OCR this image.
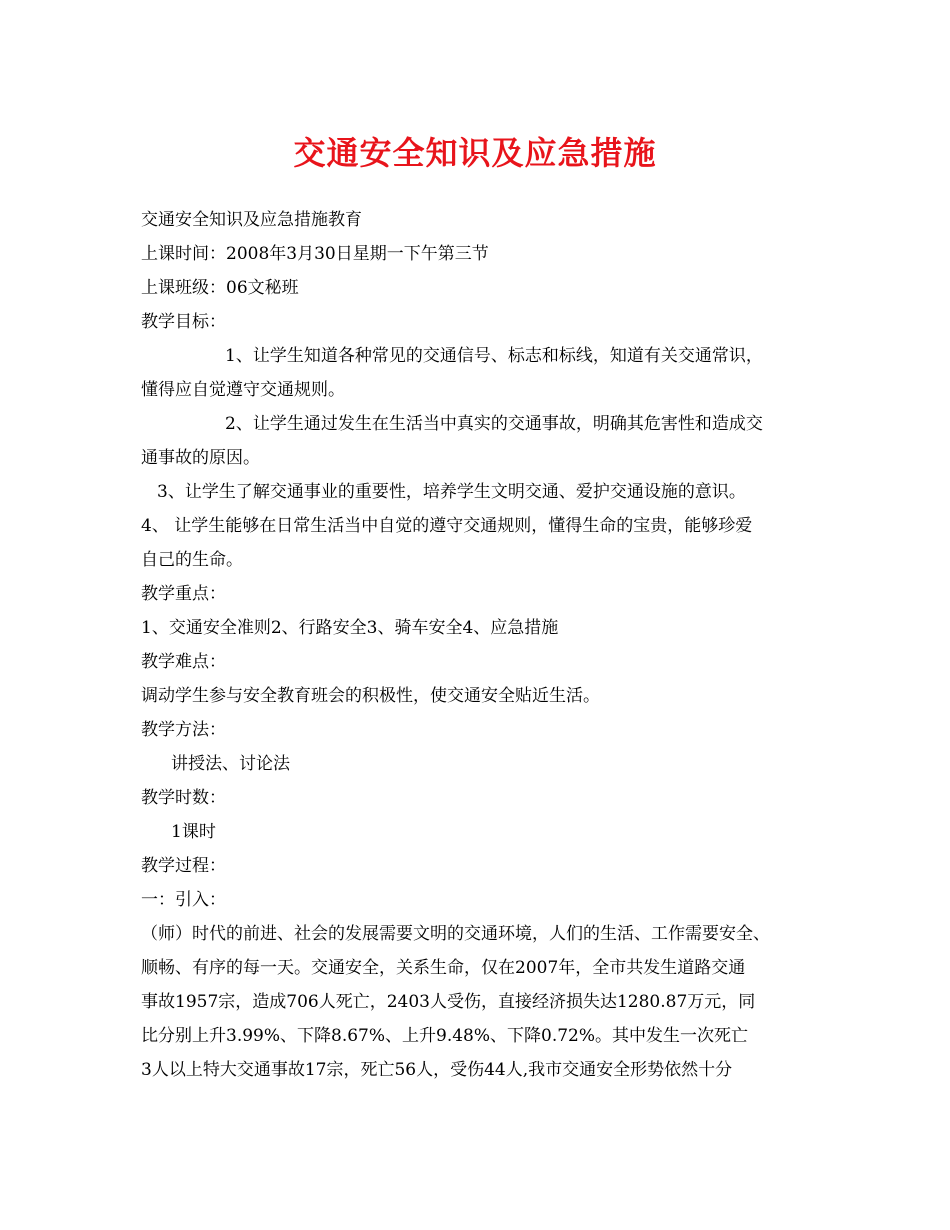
交通安全知识及应急措施
交通安全知识及应急措施教育
上课时间：2008年3月30日星期一下午第三节
上课班级：06文秘班
教学目标：
1、让学生知道各种常见的交通信号、标志和标线，知道有关交通常识，
懂得应自觉遵守交通规则。
2、让学生通过发生在生活当中真实的交通事故，明确其危害性和造成交
通事故的原因。
3、让学生了解交通事业的重要性，培养学生文明交通、爱护交通设施的意识。
4、 让学生能够在日常生活当中自觉的遵守交通规则，懂得生命的宝贵，能够珍爱
自己的生命。
教学重点：
1、交通安全准则2、行路安全3、骑车安全4、应急措施
教学难点：
调动学生参与安全教育班会的积极性，使交通安全贴近生活。
教学方法：
讲授法、讨论法
教学时数：
1课时
教学过程：
一：引入：
（师）时代的前进、社会的发展需要文明的交通环境，人们的生活、工作需要安全、
顺畅、有序的每一天。交通安全，关系生命，仅在2007年，全市共发生道路交通
事故1957宗，造成706人死亡，2403人受伤，直接经济损失达1280.87万元，同
比分别上升3.99%、下降8.67%、上升9.48%、下降0.72%。其中发生一次死亡
3人以上特大交通事故17宗，死亡56人，受伤44人,我市交通安全形势依然十分
